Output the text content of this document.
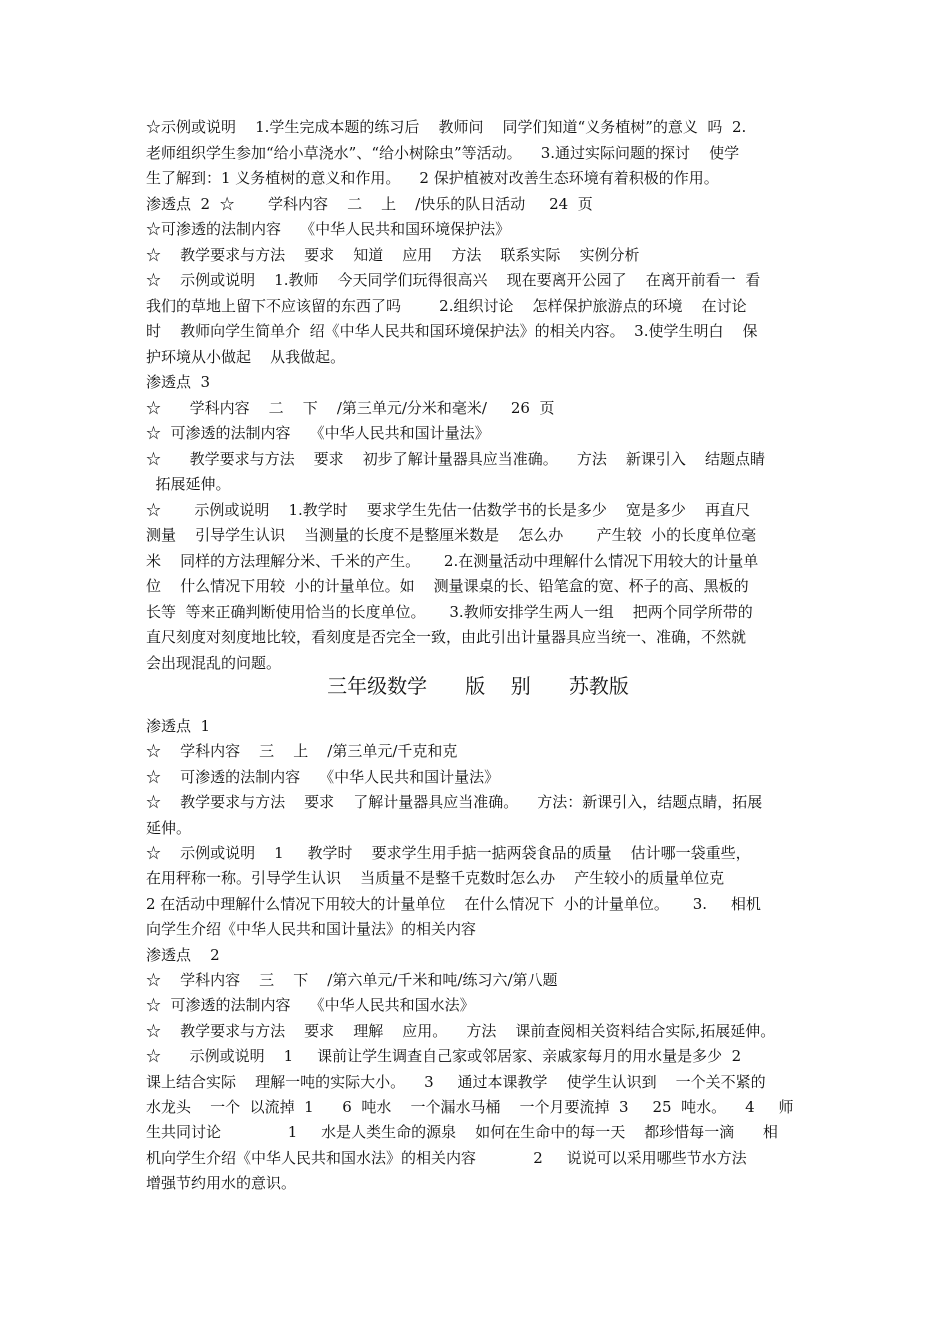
☆示例或说明    1.学生完成本题的练习后    教师问    同学们知道“义务植树”的意义  吗  2.
老师组织学生参加“给小草浇水”、“给小树除虫”等活动。    3.通过实际问题的探讨    使学
生了解到：1 义务植树的意义和作用。    2 保护植被对改善生态环境有着积极的作用。
渗透点  2  ☆       学科内容    二    上    /快乐的队日活动     24  页
☆可渗透的法制内容    《中华人民共和国环境保护法》
☆    教学要求与方法    要求    知道    应用    方法    联系实际    实例分析
☆    示例或说明    1.教师    今天同学们玩得很高兴    现在要离开公园了    在离开前看一  看
我们的草地上留下不应该留的东西了吗        2.组织讨论    怎样保护旅游点的环境    在讨论
时    教师向学生简单介  绍《中华人民共和国环境保护法》的相关内容。  3.使学生明白    保
护环境从小做起    从我做起。
渗透点  3
☆      学科内容    二    下    /第三单元/分米和毫米/     26  页
☆  可渗透的法制内容    《中华人民共和国计量法》
☆      教学要求与方法    要求    初步了解计量器具应当准确。    方法    新课引入    结题点睛
拓展延伸。
☆       示例或说明    1.教学时    要求学生先估一估数学书的长是多少    宽是多少    再直尺
测量    引导学生认识    当测量的长度不是整厘米数是    怎么办       产生较  小的长度单位毫
米    同样的方法理解分米、千米的产生。     2.在测量活动中理解什么情况下用较大的计量单
位    什么情况下用较  小的计量单位。如    测量课桌的长、铅笔盒的宽、杯子的高、黑板的
长等  等来正确判断使用恰当的长度单位。     3.教师安排学生两人一组    把两个同学所带的
直尺刻度对刻度地比较，看刻度是否完全一致，由此引出计量器具应当统一、准确，不然就
会出现混乱的问题。
三年级数学      版    别      苏教版
渗透点  1
☆    学科内容    三    上    /第三单元/千克和克
☆    可渗透的法制内容    《中华人民共和国计量法》
☆    教学要求与方法    要求    了解计量器具应当准确。    方法：新课引入，结题点睛，拓展
延伸。
☆    示例或说明    1     教学时    要求学生用手掂一掂两袋食品的质量    估计哪一袋重些，
在用秤称一称。引导学生认识    当质量不是整千克数时怎么办    产生较小的质量单位克
2 在活动中理解什么情况下用较大的计量单位    在什么情况下  小的计量单位。     3.     相机
向学生介绍《中华人民共和国计量法》的相关内容
渗透点    2
☆    学科内容    三    下    /第六单元/千米和吨/练习六/第八题
☆  可渗透的法制内容    《中华人民共和国水法》
☆    教学要求与方法    要求    理解    应用。    方法    课前查阅相关资料结合实际,拓展延伸。
☆      示例或说明    1     课前让学生调查自己家或邻居家、亲戚家每月的用水量是多少  2
课上结合实际    理解一吨的实际大小。    3     通过本课教学    使学生认识到    一个关不紧的
水龙头    一个  以流掉  1      6  吨水    一个漏水马桶    一个月要流掉  3     25  吨水。    4     师
生共同讨论              1     水是人类生命的源泉    如何在生命中的每一天    都珍惜每一滴      相
机向学生介绍《中华人民共和国水法》的相关内容            2     说说可以采用哪些节水方法
增强节约用水的意识。
